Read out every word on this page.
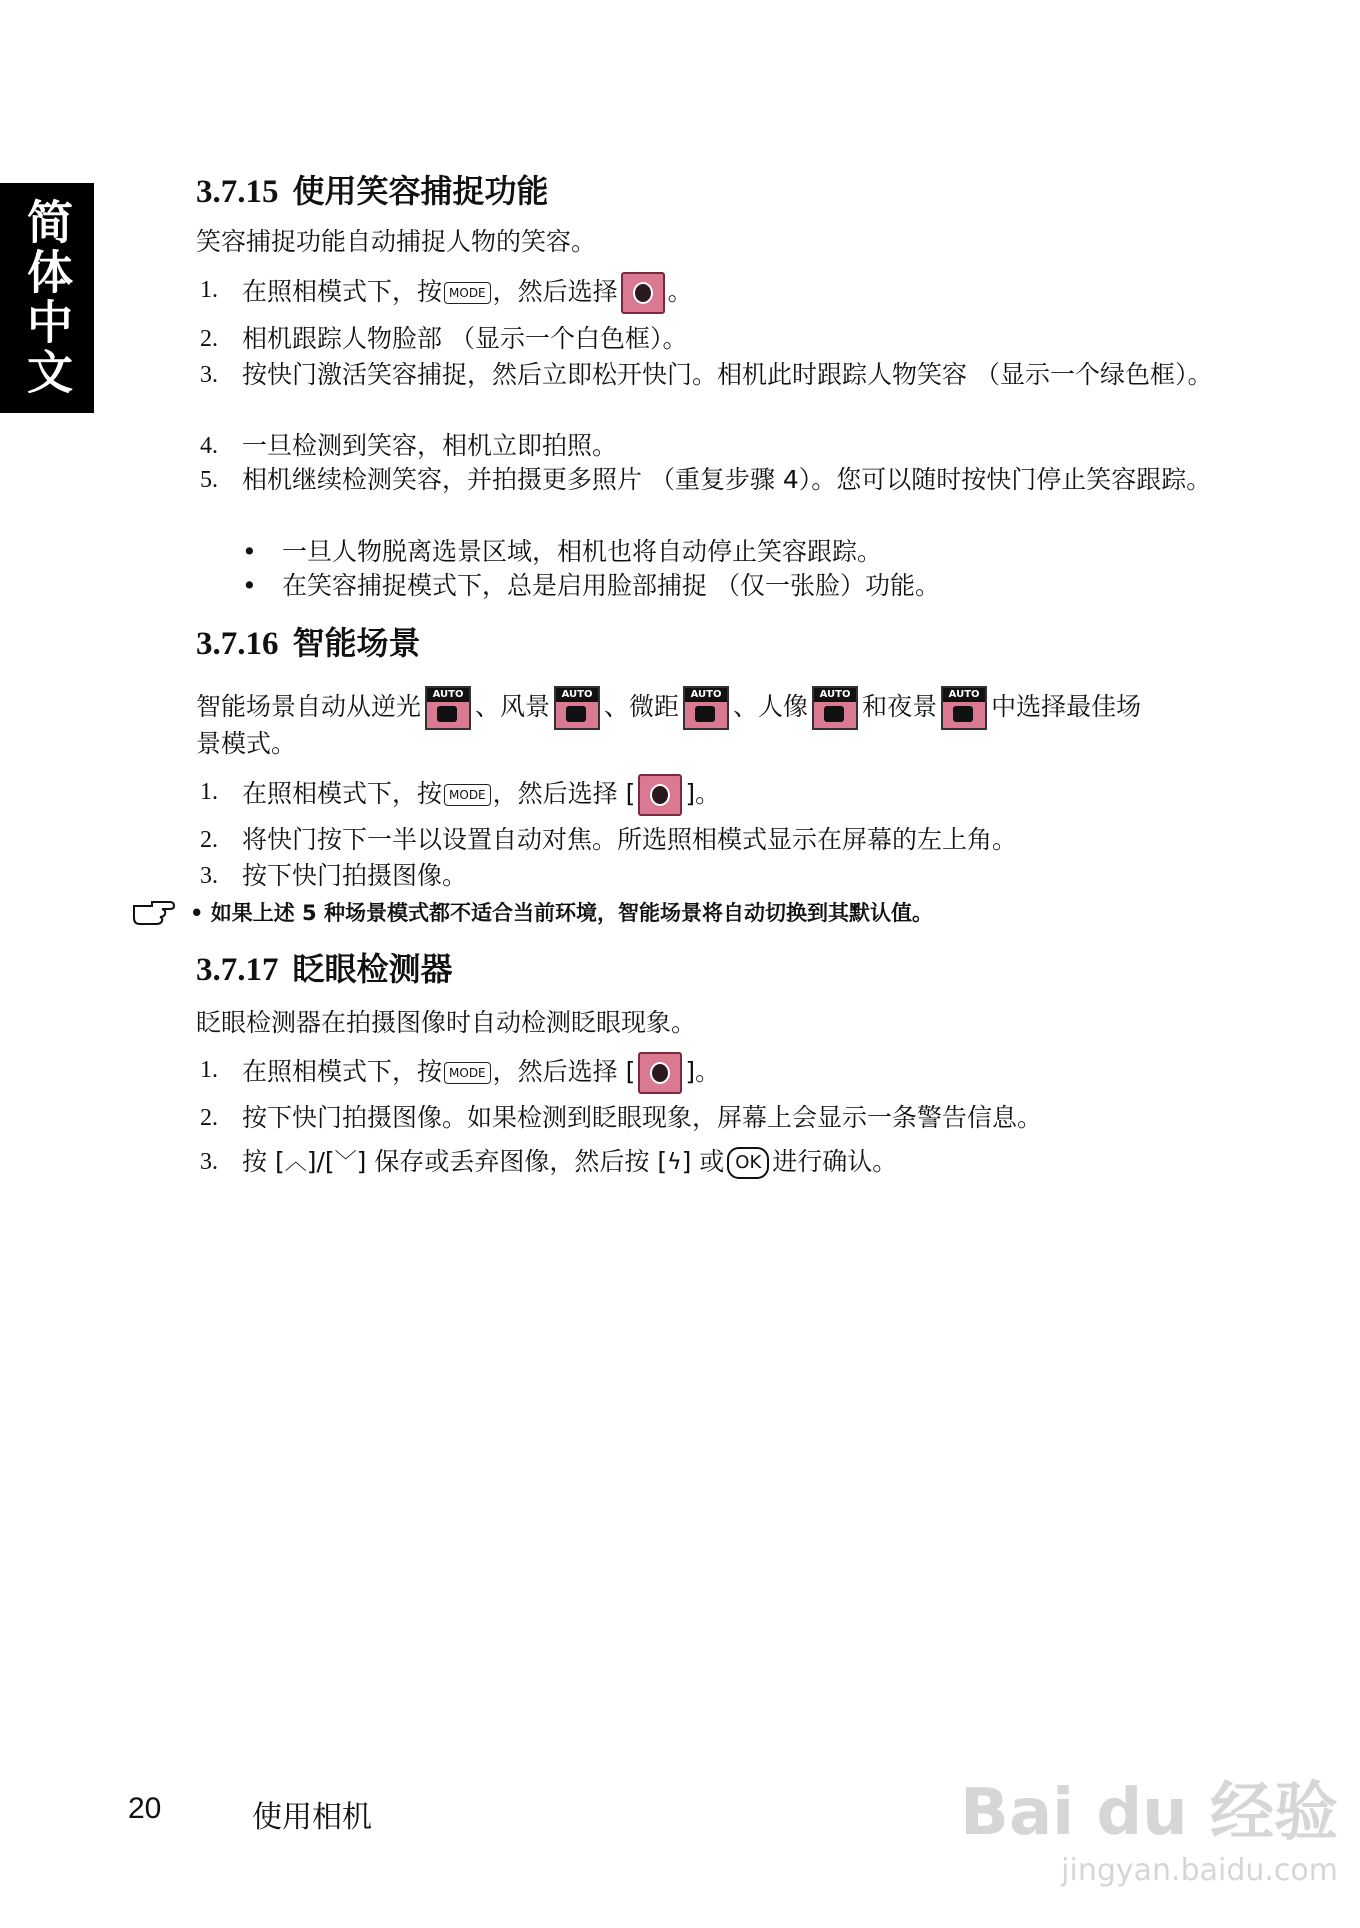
简体中文
3.7.15 使用笑容捕捉功能
笑容捕捉功能自动捕捉人物的笑容。
1. 在照相模式下，按 MODE ，然后选择 。
2. 相机跟踪人物脸部 （显示一个白色框）。
3. 按快门激活笑容捕捉，然后立即松开快门。相机此时跟踪人物笑容 （显示一个绿色框）。
4. 一旦检测到笑容，相机立即拍照。
5. 相机继续检测笑容，并拍摄更多照片 （重复步骤 4）。您可以随时按快门停止笑容跟踪。
• 一旦人物脱离选景区域，相机也将自动停止笑容跟踪。
• 在笑容捕捉模式下，总是启用脸部捕捉 （仅一张脸）功能。
3.7.16 智能场景
智能场景自动从逆光	AUTO 、风景	AUTO 、微距	AUTO 、人像	AUTO 和夜景	AUTO 中选择最佳场
景模式。
1. 在照相模式下，按 MODE ，然后选择 [ ]。
2. 将快门按下一半以设置自动对焦。所选照相模式显示在屏幕的左上角。
3. 按下快门拍摄图像。
• 如果上述 5 种场景模式都不适合当前环境，智能场景将自动切换到其默认值。
3.7.17 眨眼检测器
眨眼检测器在拍摄图像时自动检测眨眼现象。
1. 在照相模式下，按 MODE ，然后选择 [ ]。
2. 按下快门拍摄图像。如果检测到眨眼现象，屏幕上会显示一条警告信息。
3. 按 [︿]/[﹀] 保存或丢弃图像，然后按 [ϟ] 或 OK 进行确认。
20	使用相机	Bai du 经验
jingyan.baidu.com
